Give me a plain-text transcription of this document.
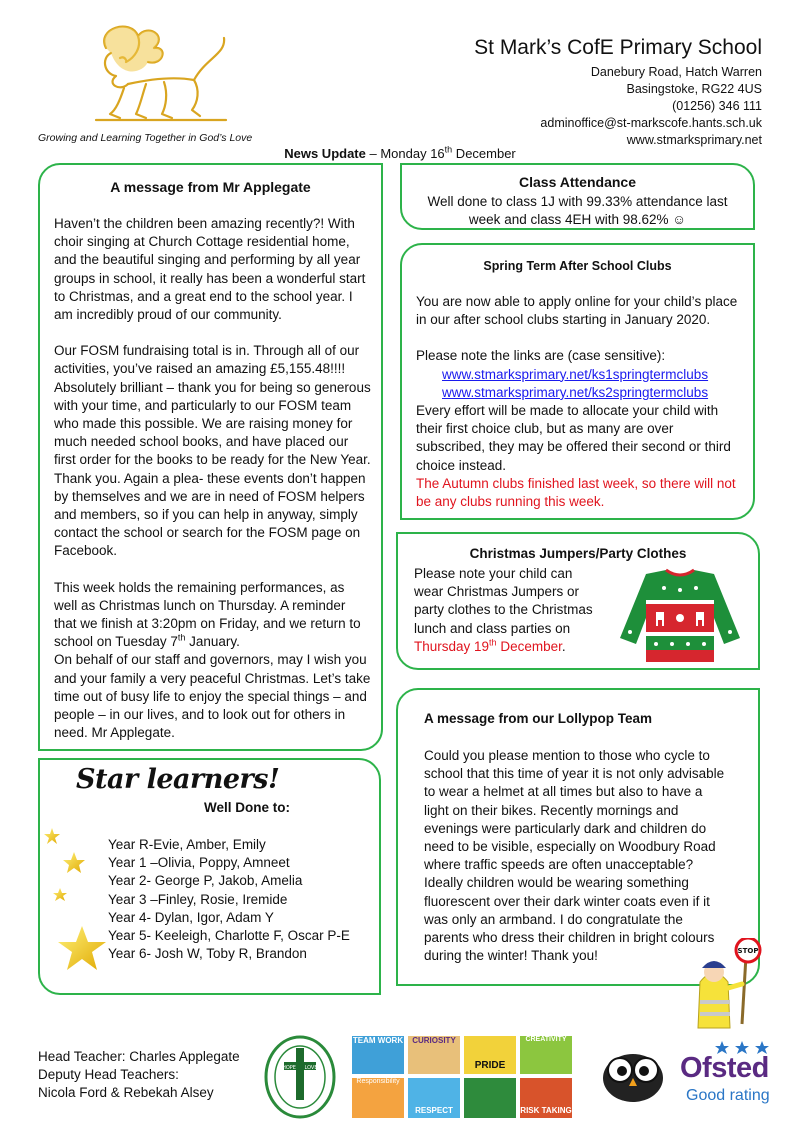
St Mark’s CofE Primary School
Danebury Road, Hatch Warren
Basingstoke, RG22 4US
(01256) 346 111
adminoffice@st-markscofe.hants.sch.uk
www.stmarksprimary.net
Growing and Learning Together in God’s Love
News Update – Monday 16th December
A message from Mr Applegate

Haven’t the children been amazing recently?! With choir singing at Church Cottage residential home, and the beautiful singing and performing by all year groups in school, it really has been a wonderful start to Christmas, and a great end to the school year. I am incredibly proud of our community.

Our FOSM fundraising total is in. Through all of our activities, you’ve raised an amazing £5,155.48!!!! Absolutely brilliant – thank you for being so generous with your time, and particularly to our FOSM team who made this possible. We are raising money for much needed school books, and have placed our first order for the books to be ready for the New Year. Thank you. Again a plea- these events don’t happen by themselves and we are in need of FOSM helpers and members, so if you can help in anyway, simply contact the school or search for the FOSM page on Facebook.

This week holds the remaining performances, as well as Christmas lunch on Thursday. A reminder that we finish at 3:20pm on Friday, and we return to school on Tuesday 7th January.

On behalf of our staff and governors, may I wish you and your family a very peaceful Christmas. Let’s take time out of busy life to enjoy the special things – and people – in our lives, and to look out for others in need. Mr Applegate.

Class Attendance
Well done to class 1J with 99.33% attendance last
week and class 4EH with 98.62% ☺
Spring Term After School Clubs

You are now able to apply online for your child’s place in our after school clubs starting in January 2020.

Please note the links are (case sensitive):

www.stmarksprimary.net/ks1springtermclubs

www.stmarksprimary.net/ks2springtermclubs

Every effort will be made to allocate your child with their first choice club, but as many are over subscribed, they may be offered their second or third choice instead.

The Autumn clubs finished last week, so there will not be any clubs running this week.

Christmas Jumpers/Party Clothes

Please note your child can wear Christmas Jumpers or party clothes to the Christmas lunch and class parties on Thursday 19th December.

A message from our Lollypop Team

Could you please mention to those who cycle to school that this time of year it is not only advisable to wear a helmet at all times but also to have a light on their bikes. Recently mornings and evenings were particularly dark and children do need to be visible, especially on Woodbury Road where traffic speeds are often unacceptable? Ideally children would be wearing something fluorescent over their dark winter coats even if it was only an armband. I do congratulate the parents who dress their children in bright colours during the winter! Thank you!	STOP
Star learners!
Well Done to:
Year R-Evie, Amber, Emily
Year 1 –Olivia, Poppy, Amneet
Year 2- George P, Jakob, Amelia
Year 3 –Finley, Rosie, Iremide
Year 4- Dylan, Igor, Adam Y
Year 5- Keeleigh, Charlotte F, Oscar P-E
Year 6- Josh W, Toby R, Brandon
Head Teacher: Charles Applegate
Deputy Head Teachers:
Nicola Ford & Rebekah Alsey
HOPE LOVE
TEAM WORK	CURIOSITY
PRIDE
CREATIVITY
Responsibility
RESPECT	RISK TAKING
Ofsted
Good rating
